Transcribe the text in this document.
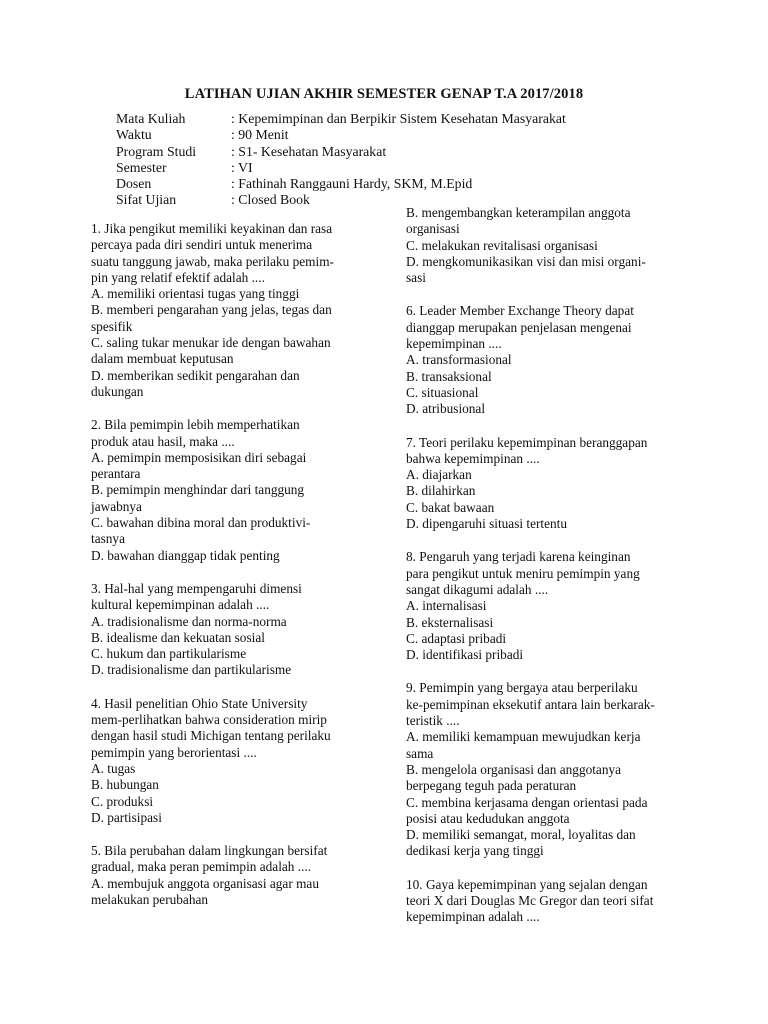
LATIHAN UJIAN AKHIR SEMESTER GENAP T.A 2017/2018
Mata Kuliah	: Kepemimpinan dan Berpikir Sistem Kesehatan Masyarakat
Waktu	: 90 Menit
Program Studi	: S1- Kesehatan Masyarakat
Semester	: VI
Dosen	: Fathinah Ranggauni Hardy, SKM, M.Epid
Sifat Ujian	: Closed Book
1. Jika pengikut memiliki keyakinan dan rasa
percaya pada diri sendiri untuk menerima
suatu tanggung jawab, maka perilaku pemim-
pin yang relatif efektif adalah ....
A. memiliki orientasi tugas yang tinggi
B. memberi pengarahan yang jelas, tegas dan
spesifik
C. saling tukar menukar ide dengan bawahan
dalam membuat keputusan
D. memberikan sedikit pengarahan dan
dukungan
2. Bila pemimpin lebih memperhatikan
produk atau hasil, maka ....
A. pemimpin memposisikan diri sebagai
perantara
B. pemimpin menghindar dari tanggung
jawabnya
C. bawahan dibina moral dan produktivi-
tasnya
D. bawahan dianggap tidak penting
3. Hal-hal yang mempengaruhi dimensi
kultural kepemimpinan adalah ....
A. tradisionalisme dan norma-norma
B. idealisme dan kekuatan sosial
C. hukum dan partikularisme
D. tradisionalisme dan partikularisme
4. Hasil penelitian Ohio State University
mem-perlihatkan bahwa consideration mirip
dengan hasil studi Michigan tentang perilaku
pemimpin yang berorientasi ....
A. tugas
B. hubungan
C. produksi
D. partisipasi
5. Bila perubahan dalam lingkungan bersifat
gradual, maka peran pemimpin adalah ....
A. membujuk anggota organisasi agar mau
melakukan perubahan
B. mengembangkan keterampilan anggota
organisasi
C. melakukan revitalisasi organisasi
D. mengkomunikasikan visi dan misi organi-
sasi
6. Leader Member Exchange Theory dapat
dianggap merupakan penjelasan mengenai
kepemimpinan ....
A. transformasional
B. transaksional
C. situasional
D. atribusional
7. Teori perilaku kepemimpinan beranggapan
bahwa kepemimpinan ....
A. diajarkan
B. dilahirkan
C. bakat bawaan
D. dipengaruhi situasi tertentu
8. Pengaruh yang terjadi karena keinginan
para pengikut untuk meniru pemimpin yang
sangat dikagumi adalah ....
A. internalisasi
B. eksternalisasi
C. adaptasi pribadi
D. identifikasi pribadi
9. Pemimpin yang bergaya atau berperilaku
ke-pemimpinan eksekutif antara lain berkarak-
teristik ....
A. memiliki kemampuan mewujudkan kerja
sama
B. mengelola organisasi dan anggotanya
berpegang teguh pada peraturan
C. membina kerjasama dengan orientasi pada
posisi atau kedudukan anggota
D. memiliki semangat, moral, loyalitas dan
dedikasi kerja yang tinggi
10. Gaya kepemimpinan yang sejalan dengan
teori X dari Douglas Mc Gregor dan teori sifat
kepemimpinan adalah ....
